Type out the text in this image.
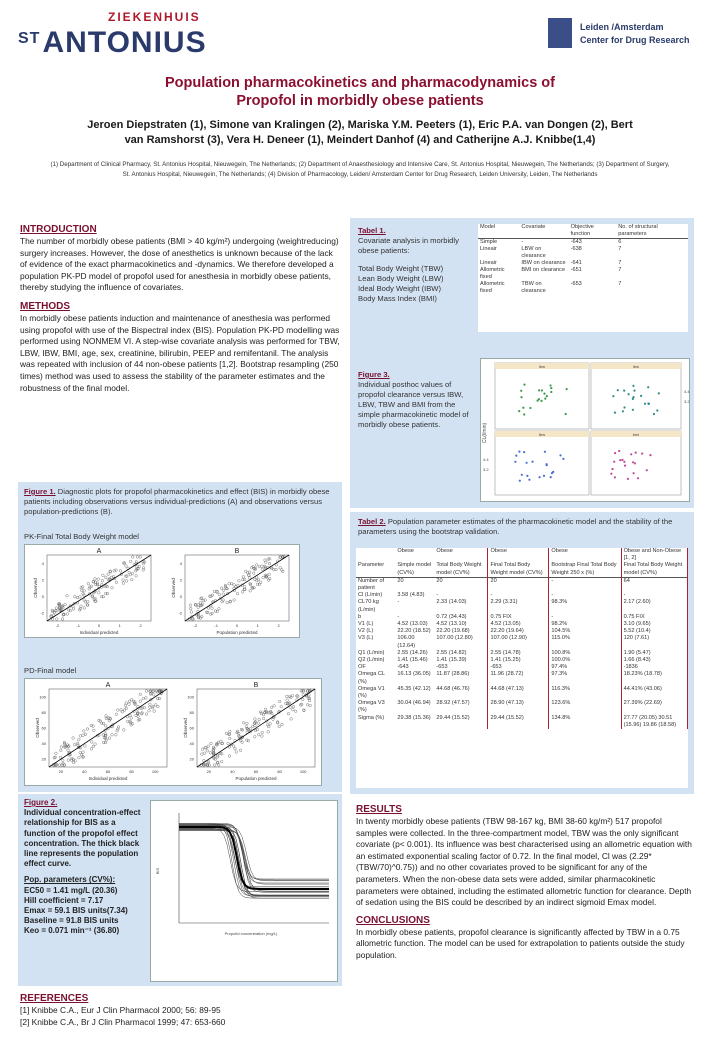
ZIEKENHUIS
$^{ST}$ANTONIUS	Leiden /Amsterdam
Center for Drug Research
Population pharmacokinetics and pharmacodynamics of
Propofol in morbidly obese patients
Jeroen Diepstraten (1), Simone van Kralingen (2), Mariska Y.M. Peeters (1), Eric P.A. van Dongen (2), Bert
van Ramshorst (3), Vera H. Deneer (1), Meindert Danhof (4) and Catherijne A.J. Knibbe(1,4)
(1) Department of Clinical Pharmacy, St. Antonius Hospital, Nieuwegein, The Netherlands; (2) Department of Anaesthesiology and Intensive Care, St. Antonius Hospital, Nieuwegein, The Netherlands; (3) Department of Surgery, St. Antonius Hospital, Nieuwegein, The Netherlands; (4) Division of Pharmacology, Leiden/ Amsterdam Center for Drug Research, Leiden University, Leiden, The Netherlands
INTRODUCTION
The number of morbidly obese patients (BMI > 40 kg/m²) undergoing (weightreducing) surgery increases. However, the dose of anesthetics is unknown because of the lack of evidence of the exact pharmacokinetics and -dynamics. We therefore developed a population PK-PD model of propofol used for anesthesia in morbidly obese patients, thereby studying the influence of covariates.
METHODS
In morbidly obese patients induction and maintenance of anesthesia was performed using propofol with use of the Bispectral index (BIS). Population PK-PD modelling was performed using NONMEM VI. A step-wise covariate analysis was performed for TBW, LBW, IBW, BMI, age, sex, creatinine, bilirubin, PEEP and remifentanil. The analysis was repeated with inclusion of 44 non-obese patients [1,2]. Bootstrap resampling (250 times) method was used to assess the stability of the parameter estimates and the robustness of the final model.
Tabel 1.
Covariate analysis in morbidly obese patients:
Total Body Weight (TBW)
Lean Body Weight (LBW)
Ideal Body Weight (IBW)
Body Mass Index (BMI)
Model	Covariate	Objective function	No. of structural parameters
Simple	-	-643	6
Lineair	LBW on clearance	-638	7
Lineair	IBW on clearance	-641	7
Allometric fixed	BMI on clearance	-651	7
Allometric fixed	TBW on clearance	-653	7
Figure 3.
Individual posthoc values of propofol clearance versus IBW, LBW, TBW and BMI from the simple pharmacokinetic model of morbidly obese patients.	CL(l/min)
lbw	ibw
tbw	bmi
4.4
3.2
4.4
3.2
Figure 1. Diagnostic plots for propofol pharmacokinetics and effect (BIS) in morbidly obese patients including observations versus individual-predictions (A) and observations versus population-predictions (B).
PK-Final Total Body Weight model
A
Individual predicted
Observed
-2	-1	0	1	2
4
2
0
-2
B
Population predicted
Observed
-2	-1	0	1	2
4
2
0
-2
PD-Final model
A
Individual predicted
Observed
20	40	60	80	100
100
80
60
40
20
B
Population predicted
Observed
20	40	60	80	100
100
80
60
40
20
Tabel 2. Population parameter estimates of the pharmacokinetic model and the stability of the parameters using the bootstrap validation.
	Obese	Obese	Obese	Obese	Obese and Non-Obese [1, 2]
Parameter	Simple model (CV%)	Total Body Weight model (CV%)	Final Total Body Weight model (CV%)	Bootstrap Final Total Body Weight 250 x (%)	Final Total Body Weight model (CV%)
Number of patient	20	20	20	-	64
Cl (L/min)	3.58 (4.83)	-	-	-	-
CL70 kg (L/min)	-	2.33 (14.03)	2.29 (3.31)	98.3%	2.17 (2.60)
b	-	0.72 (34.43)	0.75 FIX	-	0.75 FIX
V1 (L)	4.52 (13.03)	4.52 (13.10)	4.52 (13.05)	98.2%	3.10 (9.65)
V2 (L)	22.20 (18.52)	22.20 (19.68)	22.20 (19.64)	104.5%	5.52 (10.4)
V3 (L)	106.00 (12.64)	107.00 (12.80)	107.00 (12.90)	115.0%	120 (7.61)
Q1 (L/min)	2.55 (14.26)	2.55 (14.82)	2.55 (14.78)	100.8%	1.90 (5.47)
Q2 (L/min)	1.41 (15.46)	1.41 (15.39)	1.41 (15.25)	100.0%	1.66 (8.43)
OF	-643	-653	-653	97.4%	-1836
Omega CL (%)	16.13 (36.05)	11.87 (28.86)	11.96 (28.72)	97.3%	18.23% (18.78)
Omega V1 (%)	45.35 (42.12)	44.68 (46.76)	44.68 (47.13)	116.3%	44.41% (43.06)
Omega V3 (%)	30.04 (46.94)	28.92 (47.57)	28.90 (47.13)	123.6%	27.39% (22.69)
Sigma (%)	29.38 (15.36)	29.44 (15.52)	29.44 (15.52)	134.8%	27.77 (20.05) 30.51 (15.96) 19.86 (18.58)
Figure 2.
Individual concentration-effect relationship for BIS as a function of the propofol effect concentration. The thick black line represents the population effect curve.
Pop. parameters (CV%):
EC50 = 1.41 mg/L (20.36)
Hill coefficient = 7.17
Emax = 59.1 BIS units(7.34)
Baseline = 91.8 BIS units
Keo = 0.071 min⁻¹ (36.80)
BIS
Propofol concentration (mg/L)
RESULTS
In twenty morbidly obese patients (TBW 98-167 kg, BMI 38-60 kg/m²) 517 propofol samples were collected. In the three-compartment model, TBW was the only significant covariate (p< 0.001). Its influence was best characterised using an allometric equation with an estimated exponential scaling factor of 0.72. In the final model, Cl was (2.29*(TBW/70)^0.75)) and no other covariates proved to be significant for any of the parameters. When the non-obese data sets were added, similar pharmacokinetic parameters were obtained, including the estimated allometric function for clearance. Depth of sedation using the BIS could be described by an indirect sigmoid Emax model.
CONCLUSIONS
In morbidly obese patients, propofol clearance is significantly affected by TBW in a 0.75 allometric function. The model can be used for extrapolation to patients outside the study population.
REFERENCES
[1] Knibbe C.A., Eur J Clin Pharmacol 2000; 56: 89-95
[2] Knibbe C.A., Br J Clin Pharmacol 1999; 47: 653-660
